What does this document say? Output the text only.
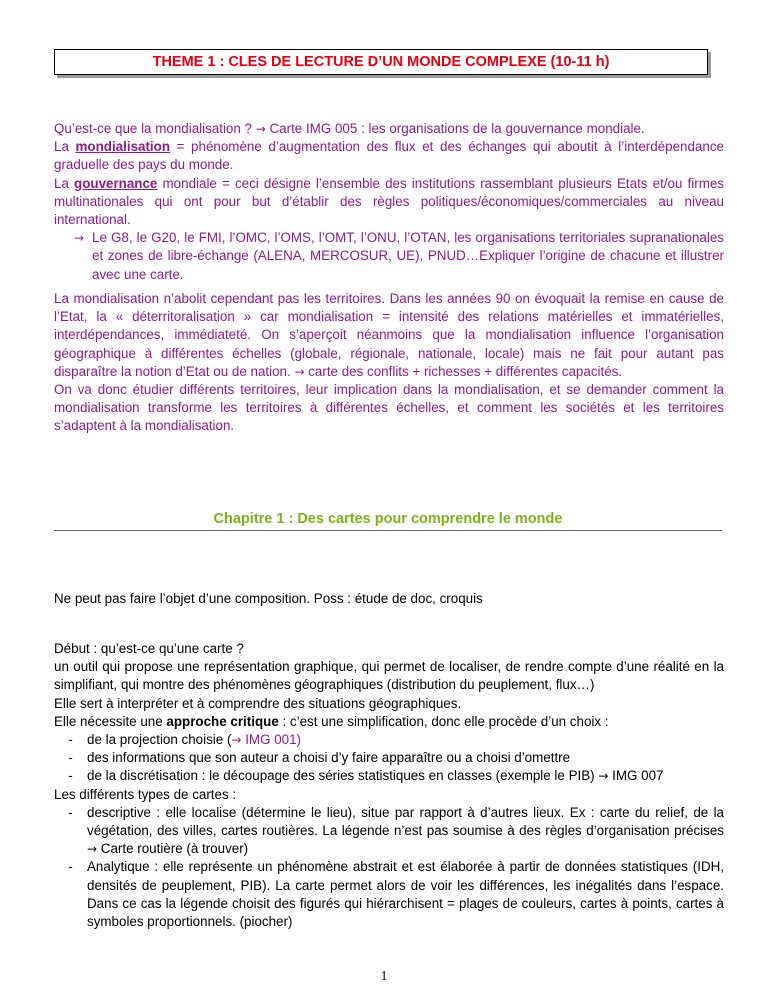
THEME 1 : CLES DE LECTURE D’UN MONDE COMPLEXE (10-11 h)

Qu’est-ce que la mondialisation ? → Carte IMG 005 : les organisations de la gouvernance mondiale.

La mondialisation = phénomène d’augmentation des flux et des échanges qui aboutit à l’interdépendance graduelle des pays du monde.

La gouvernance mondiale = ceci désigne l’ensemble des institutions rassemblant plusieurs Etats et/ou firmes multinationales qui ont pour but d’établir des règles politiques/économiques/commerciales au niveau international.

→ Le G8, le G20, le FMI, l’OMC, l’OMS, l’OMT, l’ONU, l’OTAN, les organisations territoriales supranationales et zones de libre-échange (ALENA, MERCOSUR, UE), PNUD…Expliquer l’origine de chacune et illustrer avec une carte.

La mondialisation n’abolit cependant pas les territoires. Dans les années 90 on évoquait la remise en cause de l’Etat, la « déterritoralisation » car mondialisation = intensité des relations matérielles et immatérielles, interdépendances, immédiateté. On s’aperçoit néanmoins que la mondialisation influence l’organisation géographique à différentes échelles (globale, régionale, nationale, locale) mais ne fait pour autant pas disparaître la notion d’Etat ou de nation. → carte des conflits + richesses + différentes capacités.

On va donc étudier différents territoires, leur implication dans la mondialisation, et se demander comment la mondialisation transforme les territoires à différentes échelles, et comment les sociétés et les territoires s’adaptent à la mondialisation.

Chapitre 1 : Des cartes pour comprendre le monde
Ne peut pas faire l’objet d’une composition. Poss : étude de doc, croquis

Début : qu’est-ce qu’une carte ?

un outil qui propose une représentation graphique, qui permet de localiser, de rendre compte d’une réalité en la simplifiant, qui montre des phénomènes géographiques (distribution du peuplement, flux…)

Elle sert à interpréter et à comprendre des situations géographiques.

Elle nécessite une approche critique : c’est une simplification, donc elle procède d’un choix :

-	de la projection choisie (→ IMG 001)
-	des informations que son auteur a choisi d’y faire apparaître ou a choisi d’omettre
-	de la discrétisation : le découpage des séries statistiques en classes (exemple le PIB) → IMG 007

Les différents types de cartes :

-	descriptive : elle localise (détermine le lieu), situe par rapport à d’autres lieux. Ex : carte du relief, de la végétation, des villes, cartes routières. La légende n’est pas soumise à des règles d’organisation précises → Carte routière (à trouver)
-	Analytique : elle représente un phénomène abstrait et est élaborée à partir de données statistiques (IDH, densités de peuplement, PIB). La carte permet alors de voir les différences, les inégalités dans l’espace. Dans ce cas la légende choisit des figurés qui hiérarchisent = plages de couleurs, cartes à points, cartes à symboles proportionnels. (piocher)
1
